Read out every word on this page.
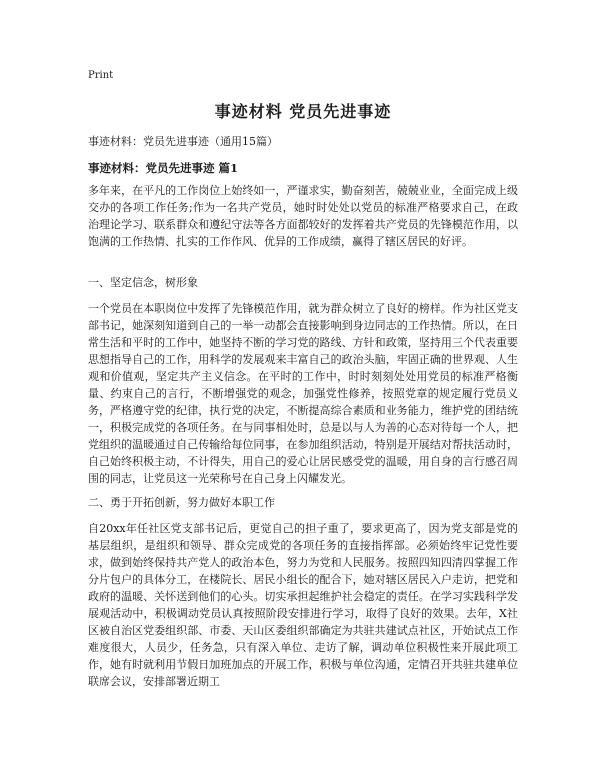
Print
事迹材料 党员先进事迹
事迹材料：党员先进事迹（通用15篇）
事迹材料：党员先进事迹 篇1
多年来，在平凡的工作岗位上始终如一，严谨求实，勤奋刻苦，兢兢业业，全面完成上级交办的各项工作任务;作为一名共产党员，她时时处处以党员的标准严格要求自己，在政治理论学习、联系群众和遵纪守法等各方面都较好的发挥着共产党员的先锋模范作用，以饱满的工作热情、扎实的工作作风、优异的工作成绩，赢得了辖区居民的好评。
一、坚定信念，树形象
一个党员在本职岗位中发挥了先锋模范作用，就为群众树立了良好的榜样。作为社区党支部书记，她深刻知道到自己的一举一动都会直接影响到身边同志的工作热情。所以，在日常生活和平时的工作中，她坚持不断的学习党的路线、方针和政策，坚持用三个代表重要思想指导自己的工作，用科学的发展观来丰富自己的政治头脑，牢固正确的世界观、人生观和价值观，坚定共产主义信念。在平时的工作中，时时刻刻处处用党员的标准严格衡量、约束自己的言行，不断增强党的观念，加强党性修养，按照党章的规定履行党员义务，严格遵守党的纪律，执行党的决定，不断提高综合素质和业务能力，维护党的团结统一，积极完成党的各项任务。在与同事相处时，总是以与人为善的心态对待每一个人，把党组织的温暖通过自己传输给每位同事，在参加组织活动，特别是开展结对帮扶活动时，自己始终积极主动，不计得失，用自己的爱心让居民感受党的温暖，用自身的言行感召周围的同志，让党员这一光荣称号在自己身上闪耀发光。
二、勇于开拓创新，努力做好本职工作
自20xx年任社区党支部书记后，更觉自己的担子重了，要求更高了，因为党支部是党的基层组织，是组织和领导、群众完成党的各项任务的直接指挥部。必须始终牢记党性要求，做到始终保持共产党人的政治本色，努力为党和人民服务。按照四知四清四掌握工作分片包户的具体分工，在楼院长、居民小组长的配合下，她对辖区居民入户走访，把党和政府的温暖、关怀送到他们的心头。切实承担起维护社会稳定的责任。在学习实践科学发展观活动中，积极调动党员认真按照阶段安排进行学习，取得了良好的效果。去年，X社区被自治区党委组织部、市委、天山区委组织部确定为共驻共建试点社区，开始试点工作难度很大，人员少，任务急，只有深入单位、走访了解，调动单位积极性来开展此项工作，她有时就利用节假日加班加点的开展工作，积极与单位沟通，定情召开共驻共建单位联席会议，安排部署近期工
